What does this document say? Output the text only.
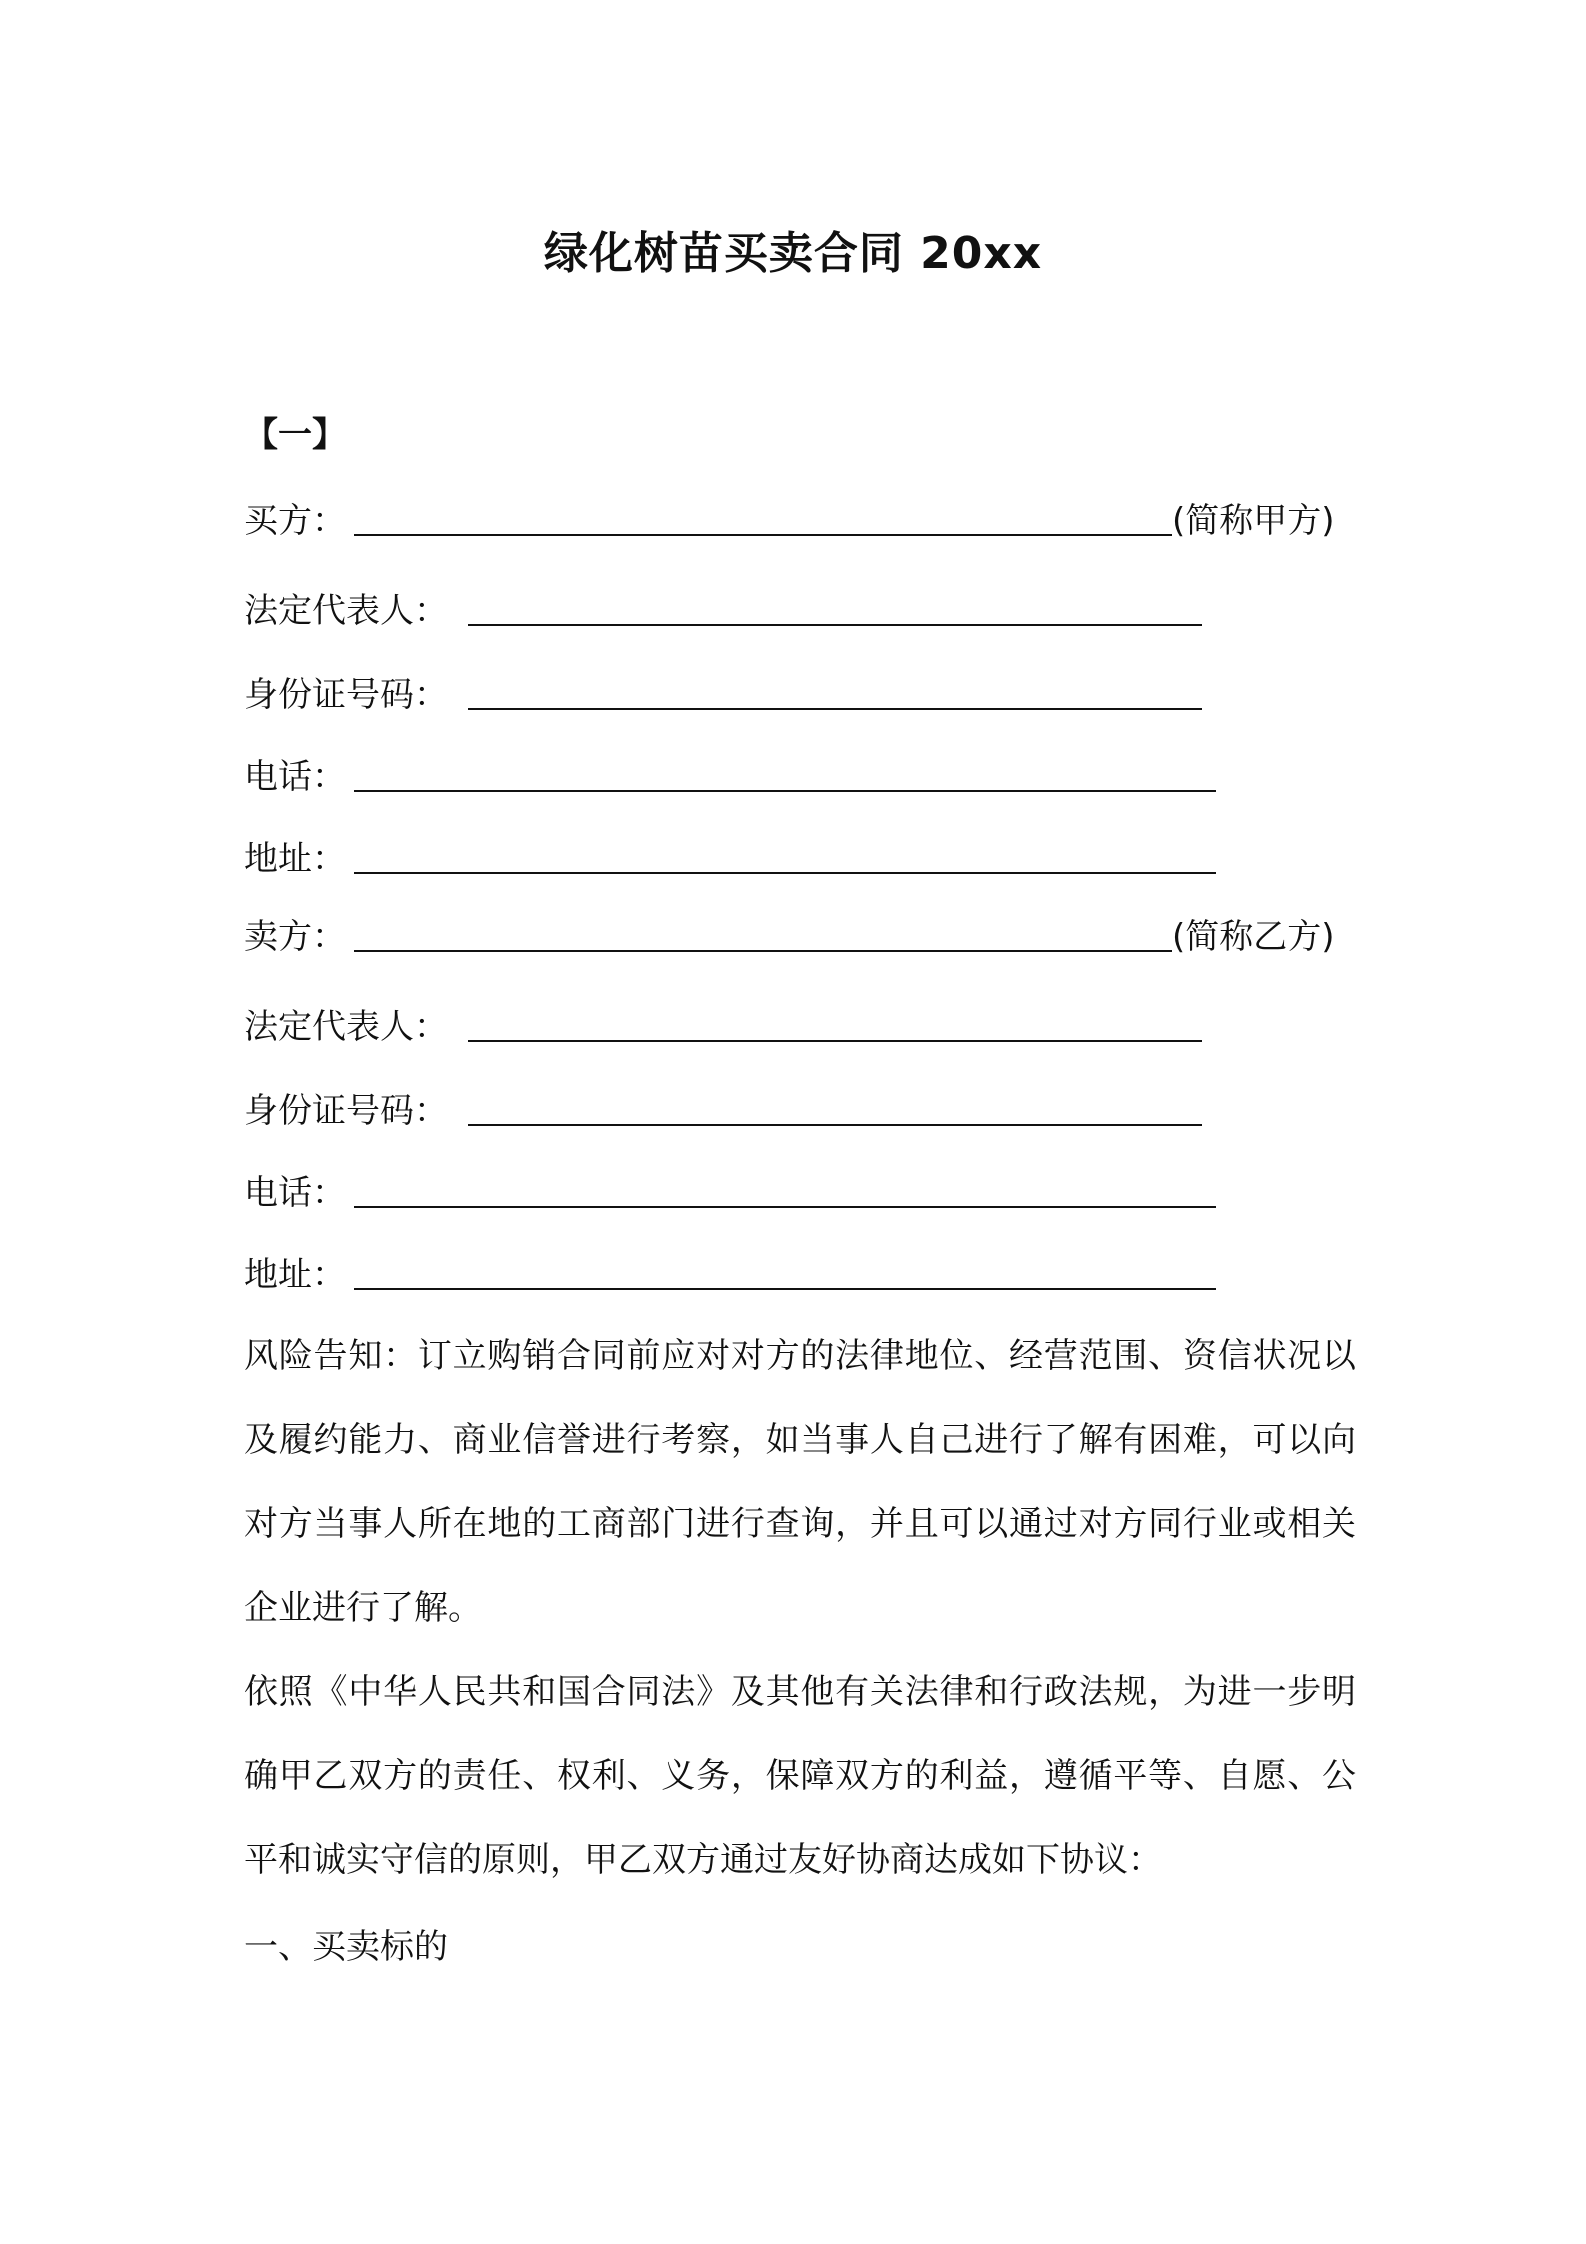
绿化树苗买卖合同 20xx
【一】
买方：	(简称甲方)
法定代表人：
身份证号码：
电话：
地址：
卖方：	(简称乙方)
法定代表人：
身份证号码：
电话：
地址：

风险告知：订立购销合同前应对对方的法律地位、经营范围、资信状况以及履约能力、商业信誉进行考察，如当事人自己进行了解有困难，可以向对方当事人所在地的工商部门进行查询，并且可以通过对方同行业或相关企业进行了解。

依照《中华人民共和国合同法》及其他有关法律和行政法规，为进一步明确甲乙双方的责任、权利、义务，保障双方的利益，遵循平等、自愿、公平和诚实守信的原则，甲乙双方通过友好协商达成如下协议：

一、买卖标的
